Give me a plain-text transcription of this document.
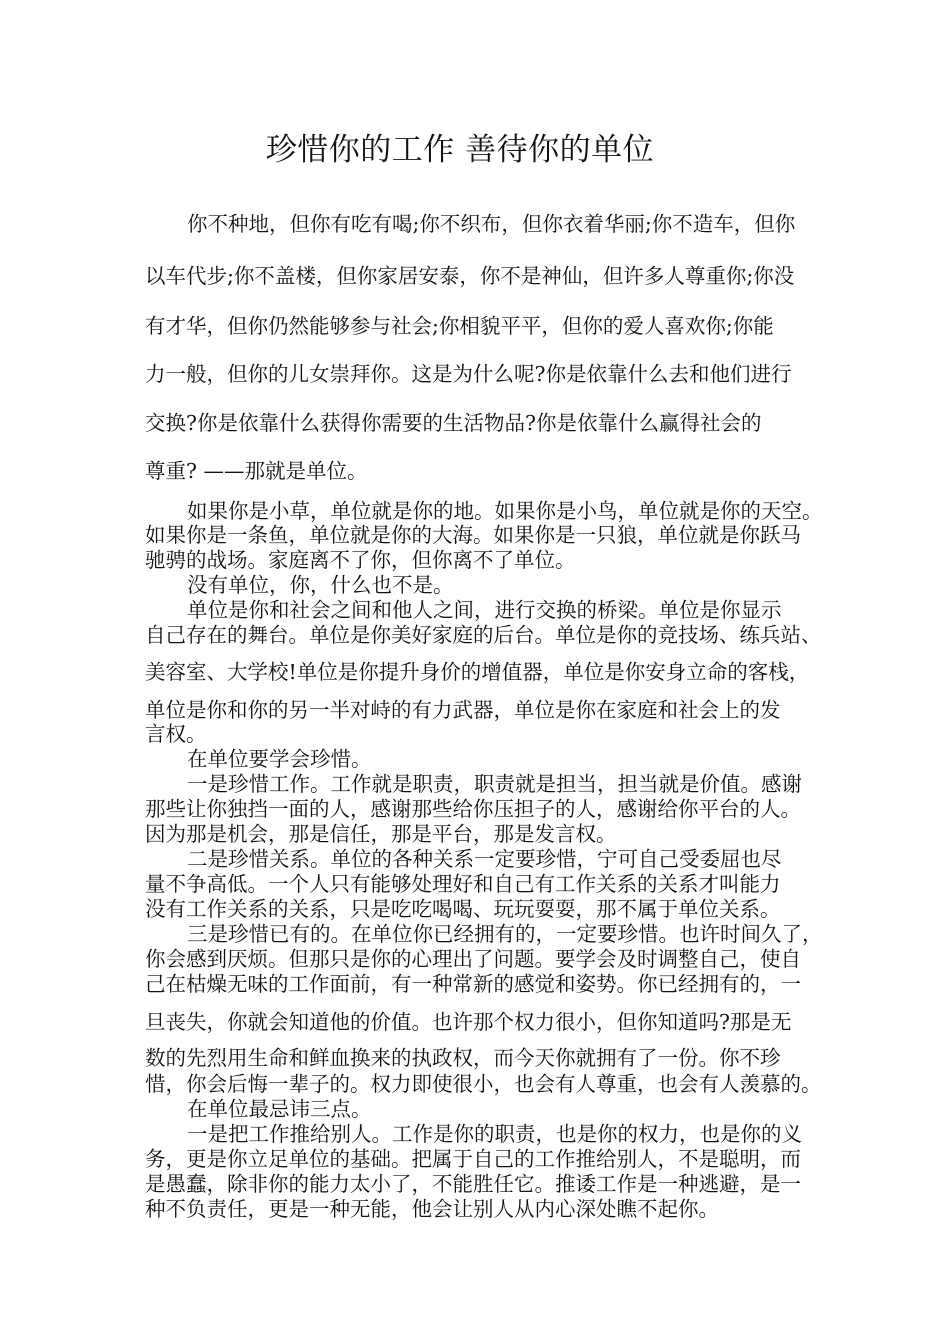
珍惜你的工作 善待你的单位
你不种地，但你有吃有喝;你不织布，但你衣着华丽;你不造车，但你
以车代步;你不盖楼，但你家居安泰，你不是神仙，但许多人尊重你;你没
有才华，但你仍然能够参与社会;你相貌平平，但你的爱人喜欢你;你能
力一般，但你的儿女崇拜你。这是为什么呢?你是依靠什么去和他们进行
交换?你是依靠什么获得你需要的生活物品?你是依靠什么赢得社会的
尊重? ——那就是单位。
如果你是小草，单位就是你的地。如果你是小鸟，单位就是你的天空。
如果你是一条鱼，单位就是你的大海。如果你是一只狼，单位就是你跃马
驰骋的战场。家庭离不了你，但你离不了单位。
没有单位，你，什么也不是。
单位是你和社会之间和他人之间，进行交换的桥梁。单位是你显示
自己存在的舞台。单位是你美好家庭的后台。单位是你的竞技场、练兵站、
美容室、大学校!单位是你提升身价的增值器，单位是你安身立命的客栈，
单位是你和你的另一半对峙的有力武器，单位是你在家庭和社会上的发
言权。
在单位要学会珍惜。
一是珍惜工作。工作就是职责，职责就是担当，担当就是价值。感谢
那些让你独挡一面的人，感谢那些给你压担子的人，感谢给你平台的人。
因为那是机会，那是信任，那是平台，那是发言权。
二是珍惜关系。单位的各种关系一定要珍惜，宁可自己受委屈也尽
量不争高低。一个人只有能够处理好和自己有工作关系的关系才叫能力
没有工作关系的关系，只是吃吃喝喝、玩玩耍耍，那不属于单位关系。
三是珍惜已有的。在单位你已经拥有的，一定要珍惜。也许时间久了，
你会感到厌烦。但那只是你的心理出了问题。要学会及时调整自己，使自
己在枯燥无味的工作面前，有一种常新的感觉和姿势。你已经拥有的，一
旦丧失，你就会知道他的价值。也许那个权力很小，但你知道吗?那是无
数的先烈用生命和鲜血换来的执政权，而今天你就拥有了一份。你不珍
惜，你会后悔一辈子的。权力即使很小，也会有人尊重，也会有人羡慕的。
在单位最忌讳三点。
一是把工作推给别人。工作是你的职责，也是你的权力，也是你的义
务，更是你立足单位的基础。把属于自己的工作推给别人，不是聪明，而
是愚蠢，除非你的能力太小了，不能胜任它。推诿工作是一种逃避，是一
种不负责任，更是一种无能，他会让别人从内心深处瞧不起你。
